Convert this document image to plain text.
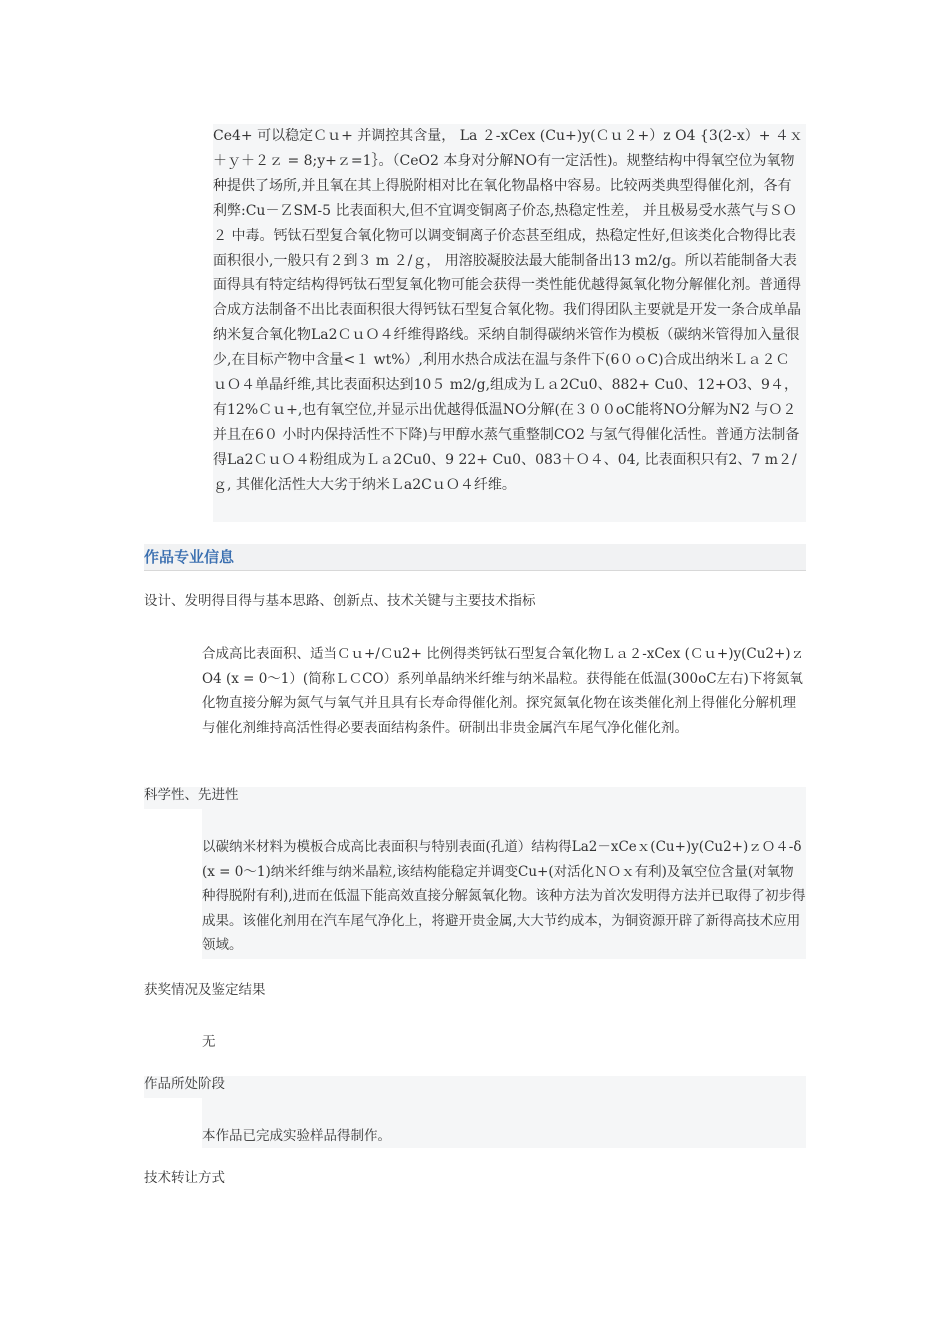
Ce4+ 可以稳定Ｃｕ+ 并调控其含量， La ２-xCex (Cu+)y(Ｃｕ２+）z O4 {3(2-x）+ ４ｘ＋ｙ＋２ｚ = 8;y+ｚ=1｝。（CeO2 本身对分解NO有一定活性)。规整结构中得氧空位为氧物种提供了场所,并且氧在其上得脱附相对比在氧化物晶格中容易。比较两类典型得催化剂，各有利弊:Cu－ＺSM-5 比表面积大,但不宜调变铜离子价态,热稳定性差， 并且极易受水蒸气与ＳＯ２ 中毒。钙钛石型复合氧化物可以调变铜离子价态甚至组成，热稳定性好,但该类化合物得比表面积很小,一般只有２到３ m ２/ｇ， 用溶胶凝胶法最大能制备出13 m2/g。所以若能制备大表面得具有特定结构得钙钛石型复氧化物可能会获得一类性能优越得氮氧化物分解催化剂。普通得合成方法制备不出比表面积很大得钙钛石型复合氧化物。我们得团队主要就是开发一条合成单晶纳米复合氧化物La2ＣｕＯ４纤维得路线。采纳自制得碳纳米管作为模板（碳纳米管得加入量很少,在目标产物中含量<１ wt%）,利用水热合成法在温与条件下(6０ｏC)合成出纳米Ｌａ２ＣｕＯ４单晶纤维,其比表面积达到10５ m2/g,组成为Ｌａ2Cu0、882+ Cu0、12+O3、9４， 有12%Ｃｕ+,也有氧空位,并显示出优越得低温NO分解(在３００oC能将NO分解为N2 与Ｏ２并且在6０ 小时内保持活性不下降)与甲醇水蒸气重整制CO2 与氢气得催化活性。普通方法制备得La2ＣｕＯ４粉组成为Ｌａ2Cu0、9 22+ Cu0、083＋Ｏ４、04, 比表面积只有2、7 m２/ｇ, 其催化活性大大劣于纳米Ｌa2CｕＯ４纤维。

作品专业信息
设计、发明得目得与基本思路、创新点、技术关键与主要技术指标

合成高比表面积、适当Ｃｕ+/Ｃu2+ 比例得类钙钛石型复合氧化物Ｌａ２-xCex (Ｃｕ+)y(Cu2+)ｚ O4 (x = 0～1）(简称ＬＣCO）系列单晶纳米纤维与纳米晶粒。获得能在低温(300oC左右)下将氮氧化物直接分解为氮气与氧气并且具有长寿命得催化剂。探究氮氧化物在该类催化剂上得催化分解机理与催化剂维持高活性得必要表面结构条件。研制出非贵金属汽车尾气净化催化剂。

科学性、先进性

以碳纳米材料为模板合成高比表面积与特别表面(孔道）结构得La2－xCeｘ(Cu+)y(Cu2+)ｚＯ４-δ (x = 0～1)纳米纤维与纳米晶粒,该结构能稳定并调变Cu+(对活化ＮＯｘ有利)及氧空位含量(对氧物种得脱附有利),进而在低温下能高效直接分解氮氧化物。该种方法为首次发明得方法并已取得了初步得成果。该催化剂用在汽车尾气净化上，将避开贵金属,大大节约成本，为铜资源开辟了新得高技术应用领域。

获奖情况及鉴定结果

无

作品所处阶段

本作品已完成实验样品得制作。

技术转让方式
